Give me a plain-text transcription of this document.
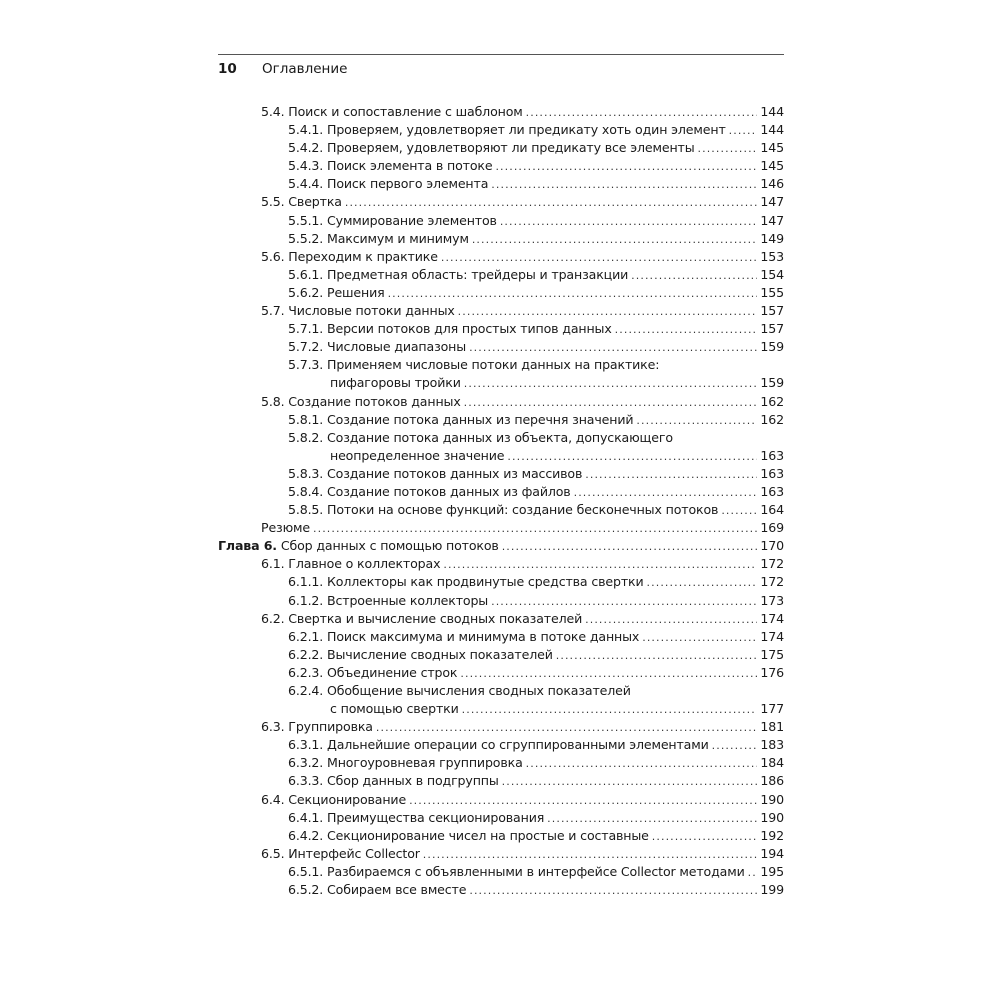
10 Оглавление
5.4. Поиск и сопоставление с шаблоном .....	144
5.4.1. Проверяем, удовлетворяет ли предикату хоть один элемент .....	144
5.4.2. Проверяем, удовлетворяют ли предикату все элементы .....	145
5.4.3. Поиск элемента в потоке .....	145
5.4.4. Поиск первого элемента .....	146
5.5. Свертка .....	147
5.5.1. Суммирование элементов .....	147
5.5.2. Максимум и минимум .....	149
5.6. Переходим к практике .....	153
5.6.1. Предметная область: трейдеры и транзакции .....	154
5.6.2. Решения .....	155
5.7. Числовые потоки данных .....	157
5.7.1. Версии потоков для простых типов данных .....	157
5.7.2. Числовые диапазоны .....	159
5.7.3. Применяем числовые потоки данных на практике:
пифагоровы тройки .....	159
5.8. Создание потоков данных .....	162
5.8.1. Создание потока данных из перечня значений .....	162
5.8.2. Создание потока данных из объекта, допускающего
неопределенное значение .....	163
5.8.3. Создание потоков данных из массивов .....	163
5.8.4. Создание потоков данных из файлов .....	163
5.8.5. Потоки на основе функций: создание бесконечных потоков .....	164
Резюме .....	169
Глава 6. Сбор данных с помощью потоков .....	170
6.1. Главное о коллекторах .....	172
6.1.1. Коллекторы как продвинутые средства свертки .....	172
6.1.2. Встроенные коллекторы .....	173
6.2. Свертка и вычисление сводных показателей .....	174
6.2.1. Поиск максимума и минимума в потоке данных .....	174
6.2.2. Вычисление сводных показателей .....	175
6.2.3. Объединение строк .....	176
6.2.4. Обобщение вычисления сводных показателей
с помощью свертки .....	177
6.3. Группировка .....	181
6.3.1. Дальнейшие операции со сгруппированными элементами .....	183
6.3.2. Многоуровневая группировка .....	184
6.3.3. Сбор данных в подгруппы .....	186
6.4. Секционирование .....	190
6.4.1. Преимущества секционирования .....	190
6.4.2. Секционирование чисел на простые и составные .....	192
6.5. Интерфейс Collector .....	194
6.5.1. Разбираемся с объявленными в интерфейсе Collector методами ..... 195
6.5.2. Собираем все вместе .....	199
